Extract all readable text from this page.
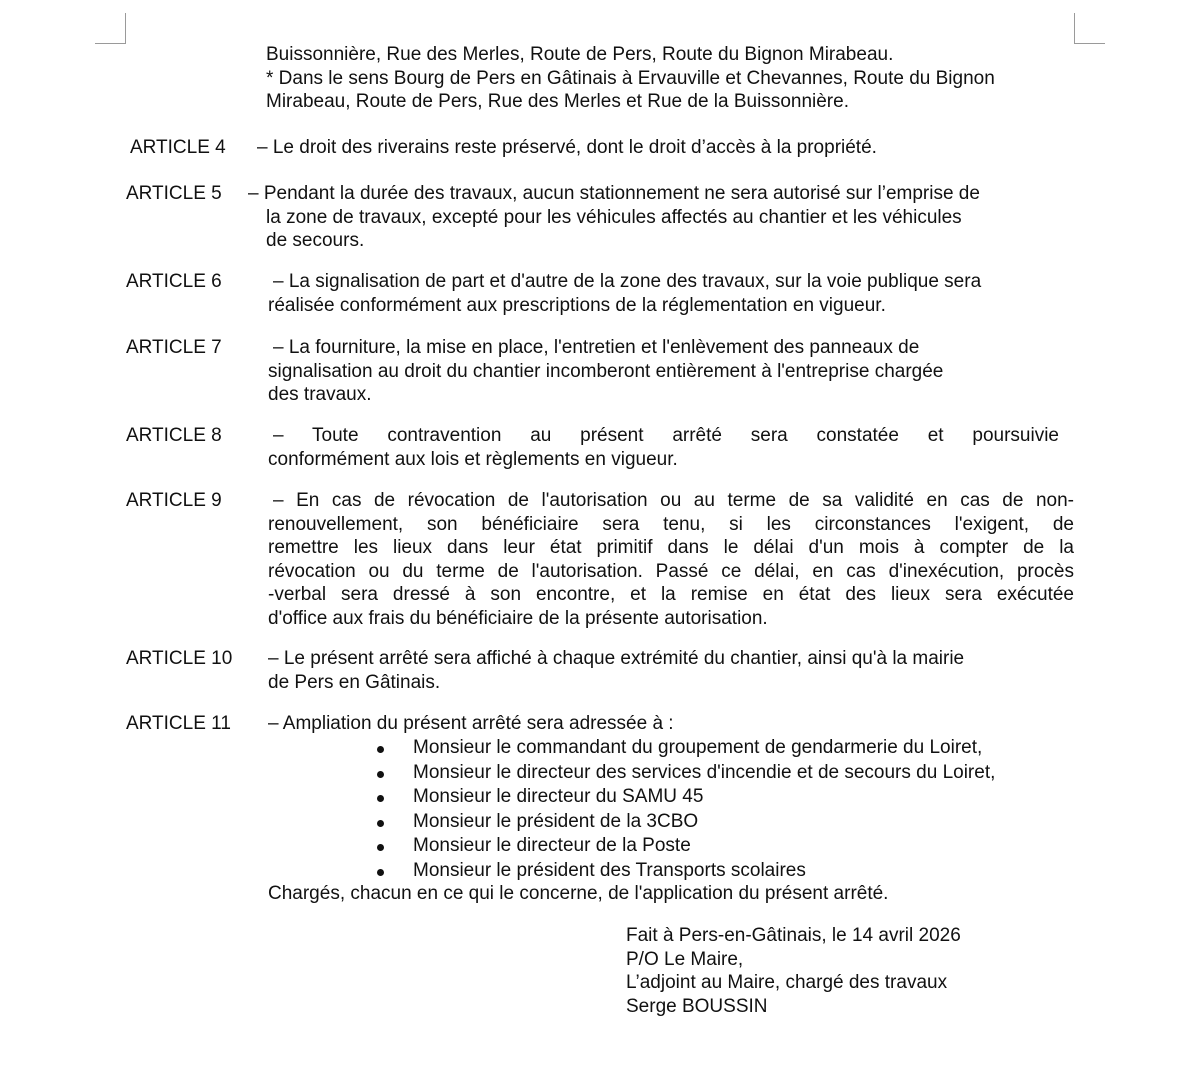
Buissonnière, Rue des Merles, Route de Pers, Route du Bignon Mirabeau.
* Dans le sens Bourg de Pers en Gâtinais à Ervauville et Chevannes, Route du Bignon
Mirabeau, Route de Pers, Rue des Merles et Rue de la Buissonnière.
ARTICLE 4 – Le droit des riverains reste préservé, dont le droit d’accès à la propriété.
ARTICLE 5 – Pendant la durée des travaux, aucun stationnement ne sera autorisé sur l’emprise de
la zone de travaux, excepté pour les véhicules affectés au chantier et les véhicules
de secours.
ARTICLE 6	– La signalisation de part et d'autre de la zone des travaux, sur la voie publique sera
réalisée conformément aux prescriptions de la réglementation en vigueur.
ARTICLE 7	– La fourniture, la mise en place, l'entretien et l'enlèvement des panneaux de
signalisation au droit du chantier incomberont entièrement à l'entreprise chargée
des travaux.
ARTICLE 8	– Toute contravention au présent arrêté sera constatée et poursuivie
conformément aux lois et règlements en vigueur.
ARTICLE 9	– En cas de révocation de l'autorisation ou au terme de sa validité en cas de non-
renouvellement, son bénéficiaire sera tenu, si les circonstances l'exigent, de
remettre les lieux dans leur état primitif dans le délai d'un mois à compter de la
révocation ou du terme de l'autorisation. Passé ce délai, en cas d'inexécution, procès
-verbal sera dressé à son encontre, et la remise en état des lieux sera exécutée
d'office aux frais du bénéficiaire de la présente autorisation.
ARTICLE 10 – Le présent arrêté sera affiché à chaque extrémité du chantier, ainsi qu'à la mairie
de Pers en Gâtinais.
ARTICLE 11 – Ampliation du présent arrêté sera adressée à :
Monsieur le commandant du groupement de gendarmerie du Loiret,
Monsieur le directeur des services d'incendie et de secours du Loiret,
Monsieur le directeur du SAMU 45
Monsieur le président de la 3CBO
Monsieur le directeur de la Poste
Monsieur le président des Transports scolaires
Chargés, chacun en ce qui le concerne, de l'application du présent arrêté.
Fait à Pers-en-Gâtinais, le 14 avril 2026
P/O Le Maire,
L’adjoint au Maire, chargé des travaux
Serge BOUSSIN
